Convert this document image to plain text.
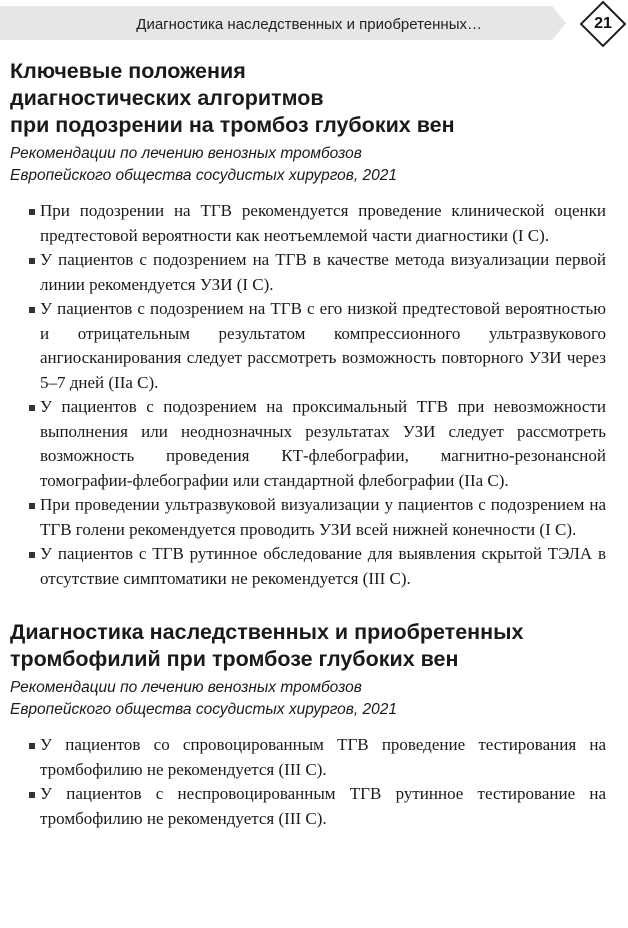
Диагностика наследственных и приобретенных…	21
Ключевые положения
диагностических алгоритмов
при подозрении на тромбоз глубоких вен

Рекомендации по лечению венозных тромбозов
Европейского общества сосудистых хирургов, 2021

При подозрении на ТГВ рекомендуется проведение клинической оценки предтестовой вероятности как неотъемлемой части диагностики (I C).
У пациентов с подозрением на ТГВ в качестве метода визуализации первой линии рекомендуется УЗИ (I C).
У пациентов с подозрением на ТГВ с его низкой предтестовой вероятностью и отрицательным результатом компрессионного ультразвукового ангиосканирования следует рассмотреть возможность повторного УЗИ через 5–7 дней (IIa C).
У пациентов с подозрением на проксимальный ТГВ при невозможности выполнения или неоднозначных результатах УЗИ следует рассмотреть возможность проведения КТ-флебографии, магнитно-резонансной томографии-флебографии или стандартной флебографии (IIa C).
При проведении ультразвуковой визуализации у пациентов с подозрением на ТГВ голени рекомендуется проводить УЗИ всей нижней конечности (I C).
У пациентов с ТГВ рутинное обследование для выявления скрытой ТЭЛА в отсутствие симптоматики не рекомендуется (III C).
Диагностика наследственных и приобретенных
тромбофилий при тромбозе глубоких вен

Рекомендации по лечению венозных тромбозов
Европейского общества сосудистых хирургов, 2021

У пациентов со спровоцированным ТГВ проведение тестирования на тромбофилию не рекомендуется (III C).
У пациентов с неспровоцированным ТГВ рутинное тестирование на тромбофилию не рекомендуется (III C).
